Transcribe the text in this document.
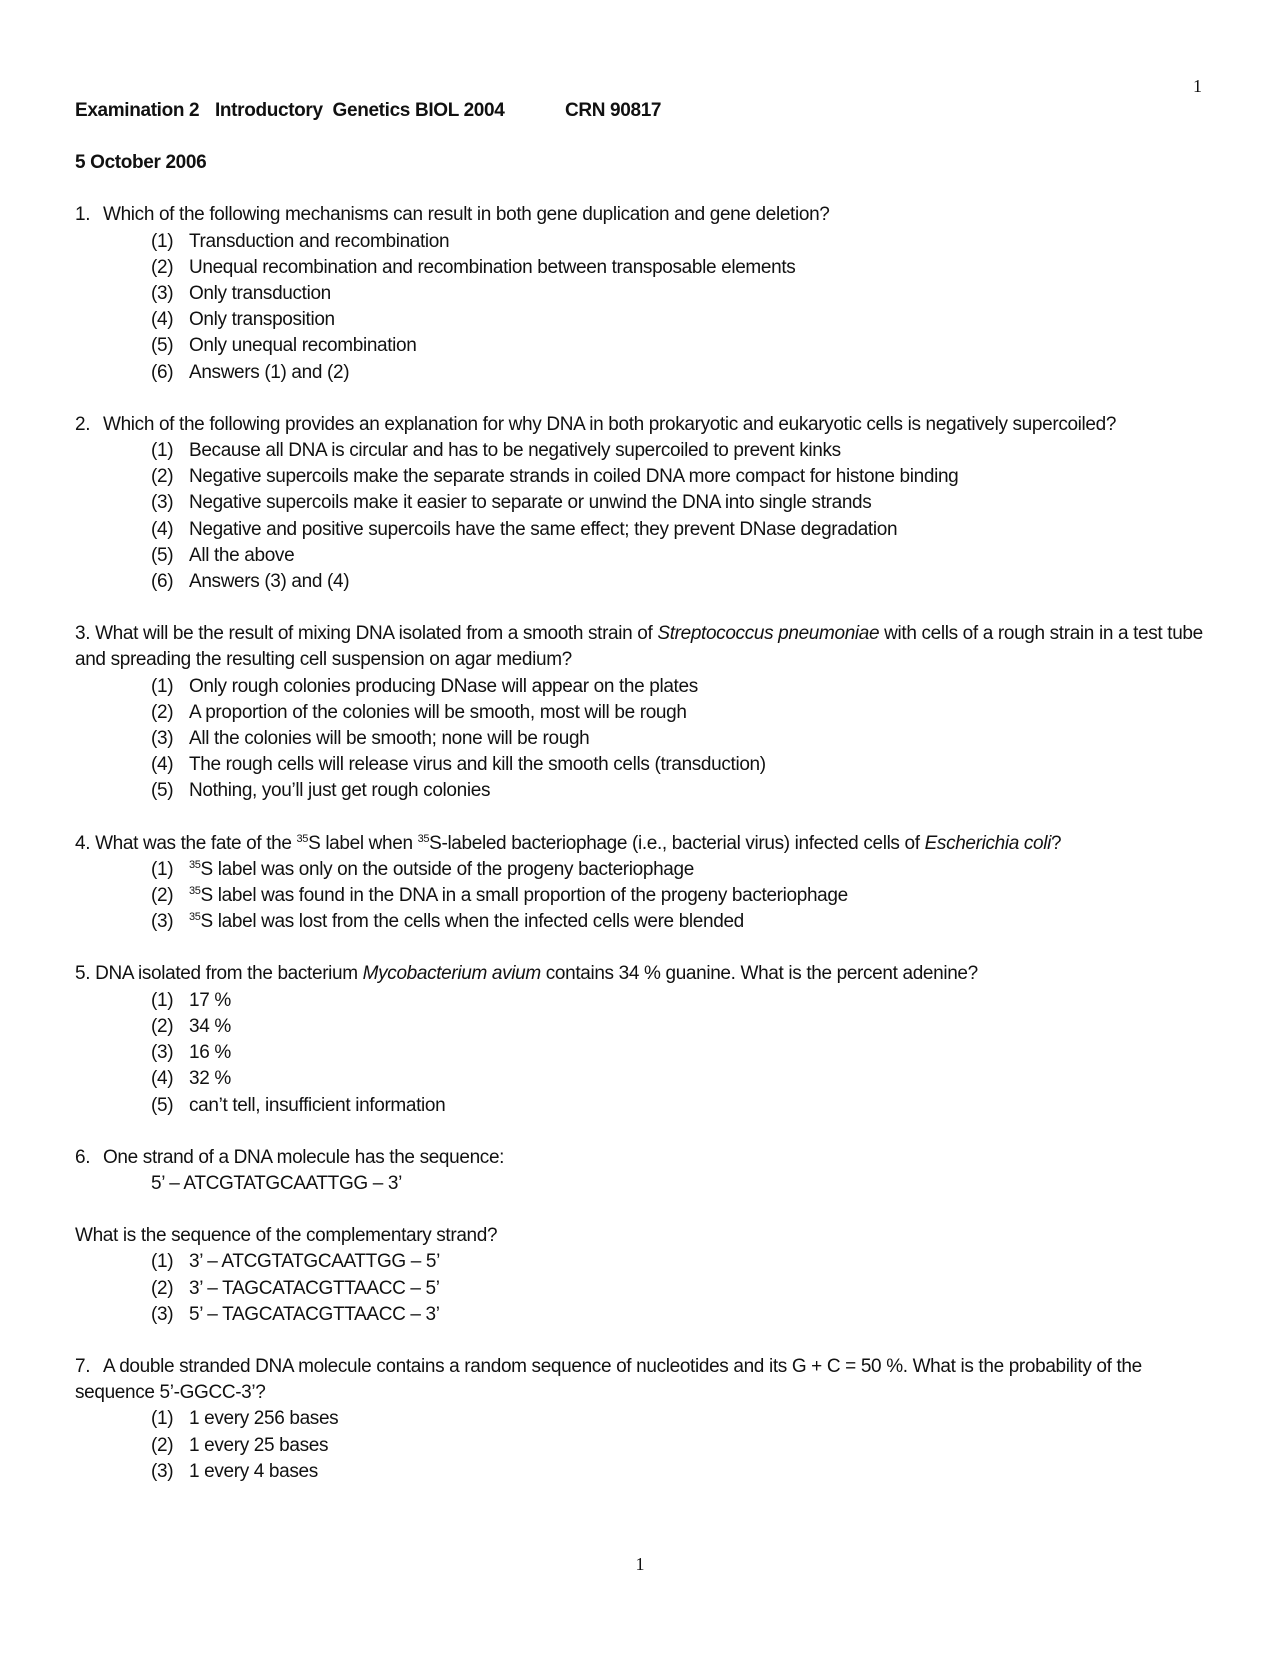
1
Examination 2 Introductory  Genetics BIOL 2004	CRN 90817
5 October 2006
1. Which of the following mechanisms can result in both gene duplication and gene deletion?
(1) Transduction and recombination
(2) Unequal recombination and recombination between transposable elements
(3) Only transduction
(4) Only transposition
(5) Only unequal recombination
(6) Answers (1) and (2)
2. Which of the following provides an explanation for why DNA in both prokaryotic and eukaryotic cells is negatively supercoiled?
(1) Because all DNA is circular and has to be negatively supercoiled to prevent kinks
(2) Negative supercoils make the separate strands in coiled DNA more compact for histone binding
(3) Negative supercoils make it easier to separate or unwind the DNA into single strands
(4) Negative and positive supercoils have the same effect; they prevent DNase degradation
(5) All the above
(6) Answers (3) and (4)
3. What will be the result of mixing DNA isolated from a smooth strain of Streptococcus pneumoniae with cells of a rough strain in a test tube and spreading the resulting cell suspension on agar medium?
(1) Only rough colonies producing DNase will appear on the plates
(2) A proportion of the colonies will be smooth, most will be rough
(3) All the colonies will be smooth; none will be rough
(4) The rough cells will release virus and kill the smooth cells (transduction)
(5) Nothing, you’ll just get rough colonies
4. What was the fate of the $^{35}$S label when $^{35}$S-labeled bacteriophage (i.e., bacterial virus) infected cells of Escherichia coli?
(1)	$^{35}$S label was only on the outside of the progeny bacteriophage
(2)	$^{35}$S label was found in the DNA in a small proportion of the progeny bacteriophage
(3)	$^{35}$S label was lost from the cells when the infected cells were blended
5. DNA isolated from the bacterium Mycobacterium avium contains 34 % guanine. What is the percent adenine?
(1) 17 %
(2) 34 %
(3) 16 %
(4) 32 %
(5) can’t tell, insufficient information
6. One strand of a DNA molecule has the sequence:
5’ – ATCGTATGCAATTGG – 3’
What is the sequence of the complementary strand?
(1) 3’ – ATCGTATGCAATTGG – 5’
(2) 3’ – TAGCATACGTTAACC – 5’
(3) 5’ – TAGCATACGTTAACC – 3’
7. A double stranded DNA molecule contains a random sequence of nucleotides and its G + C = 50 %. What is the probability of the sequence 5’-GGCC-3’?
(1) 1 every 256 bases
(2) 1 every 25 bases
(3) 1 every 4 bases
1
